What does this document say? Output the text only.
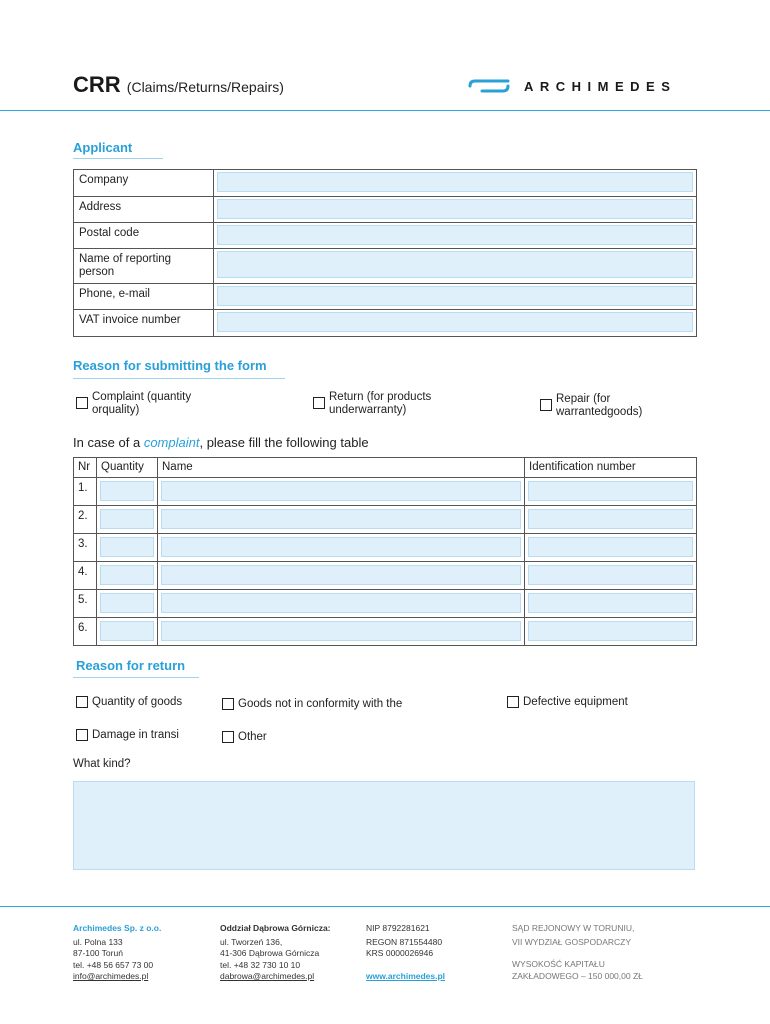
CRR (Claims/Returns/Repairs)	ARCHIMEDES
Applicant
Company	

Address	

Postal code	

Name of reporting person	

Phone, e-mail	

VAT invoice number	
Reason for submitting the form
Complaint (quantity orquality)
Return (for products underwarranty)
Repair (for warrantedgoods)
In case of a complaint, please fill the following table
Nr	Quantity	Name	Identification number
1.	

2.	

3.	

4.	

5.	

6.	

Reason for return
Quantity of goods	Goods not in conformity with the	Defective equipment
Damage in transi	Other
What kind?
Archimedes Sp. z o.o.
ul. Polna 133
87-100 Toruń
tel. +48 56 657 73 00
info@archimedes.pl
Oddział Dąbrowa Górnicza:
ul. Tworzeń 136,
41-306 Dąbrowa Górnicza
tel. +48 32 730 10 10
dabrowa@archimedes.pl
NIP 8792281621
REGON 871554480
KRS 0000026946
www.archimedes.pl
SĄD REJONOWY W TORUNIU,
VII WYDZIAŁ GOSPODARCZY
WYSOKOŚĆ KAPITAŁU
ZAKŁADOWEGO – 150 000,00 ZŁ
